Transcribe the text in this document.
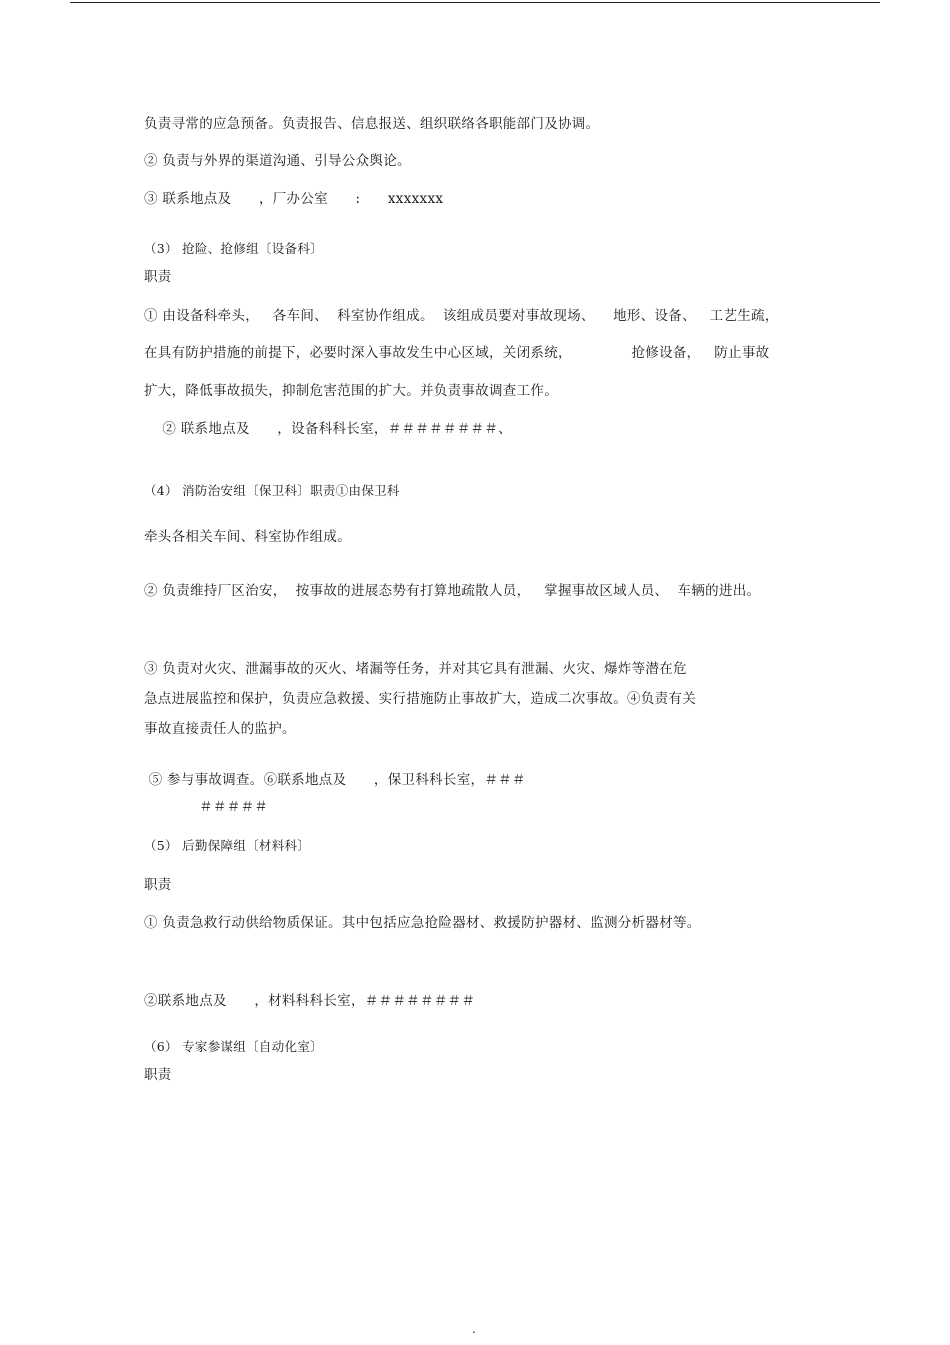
负责寻常的应急预备。负责报告、信息报送、组织联络各职能部门及协调。
② 负责与外界的渠道沟通、引导公众舆论。
③ 联系地点及      ，厂办公室      :      xxxxxxx
（3） 抢险、抢修组〔设备科〕
职责
① 由设备科牵头，   各车间、  科室协作组成。  该组成员要对事故现场、    地形、设备、   工艺生疏，
在具有防护措施的前提下，必要时深入事故发生中心区域，关闭系统，             抢修设备，   防止事故
扩大，降低事故损失，抑制危害范围的扩大。并负责事故调查工作。
② 联系地点及      ，设备科科长室，＃＃＃＃＃＃＃＃、
（4） 消防治安组〔保卫科〕职责①由保卫科
牵头各相关车间、科室协作组成。
② 负责维持厂区治安，  按事故的进展态势有打算地疏散人员，   掌握事故区域人员、  车辆的进出。
③ 负责对火灾、泄漏事故的灭火、堵漏等任务，并对其它具有泄漏、火灾、爆炸等潜在危
急点进展监控和保护，负责应急救援、实行措施防止事故扩大，造成二次事故。④负责有关
事故直接责任人的监护。
⑤ 参与事故调查。⑥联系地点及      ，保卫科科长室，＃＃＃
＃＃＃＃＃
（5） 后勤保障组〔材料科〕
职责
① 负责急救行动供给物质保证。其中包括应急抢险器材、救援防护器材、监测分析器材等。
②联系地点及      ，材料科科长室，＃＃＃＃＃＃＃＃
（6） 专家参谋组〔自动化室〕
职责
.
